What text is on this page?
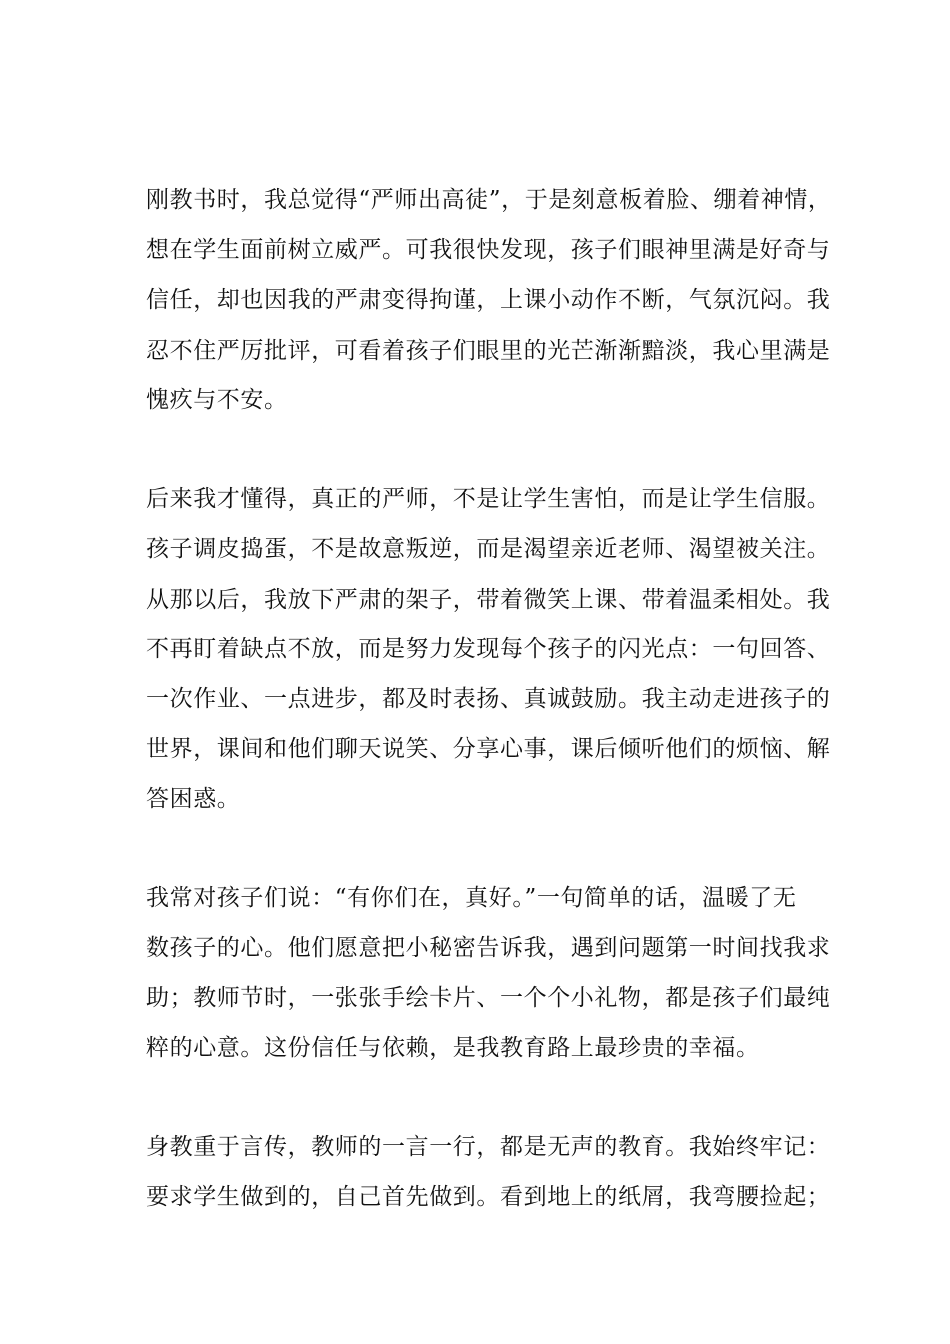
刚教书时，我总觉得“严师出高徒”，于是刻意板着脸、绷着神情，
想在学生面前树立威严。可我很快发现，孩子们眼神里满是好奇与
信任，却也因我的严肃变得拘谨，上课小动作不断，气氛沉闷。我
忍不住严厉批评，可看着孩子们眼里的光芒渐渐黯淡，我心里满是
愧疚与不安。
后来我才懂得，真正的严师，不是让学生害怕，而是让学生信服。
孩子调皮捣蛋，不是故意叛逆，而是渴望亲近老师、渴望被关注。
从那以后，我放下严肃的架子，带着微笑上课、带着温柔相处。我
不再盯着缺点不放，而是努力发现每个孩子的闪光点：一句回答、
一次作业、一点进步，都及时表扬、真诚鼓励。我主动走进孩子的
世界，课间和他们聊天说笑、分享心事，课后倾听他们的烦恼、解
答困惑。
我常对孩子们说：“有你们在，真好。”一句简单的话，温暖了无
数孩子的心。他们愿意把小秘密告诉我，遇到问题第一时间找我求
助；教师节时，一张张手绘卡片、一个个小礼物，都是孩子们最纯
粹的心意。这份信任与依赖，是我教育路上最珍贵的幸福。
身教重于言传，教师的一言一行，都是无声的教育。我始终牢记：
要求学生做到的，自己首先做到。看到地上的纸屑，我弯腰捡起；
